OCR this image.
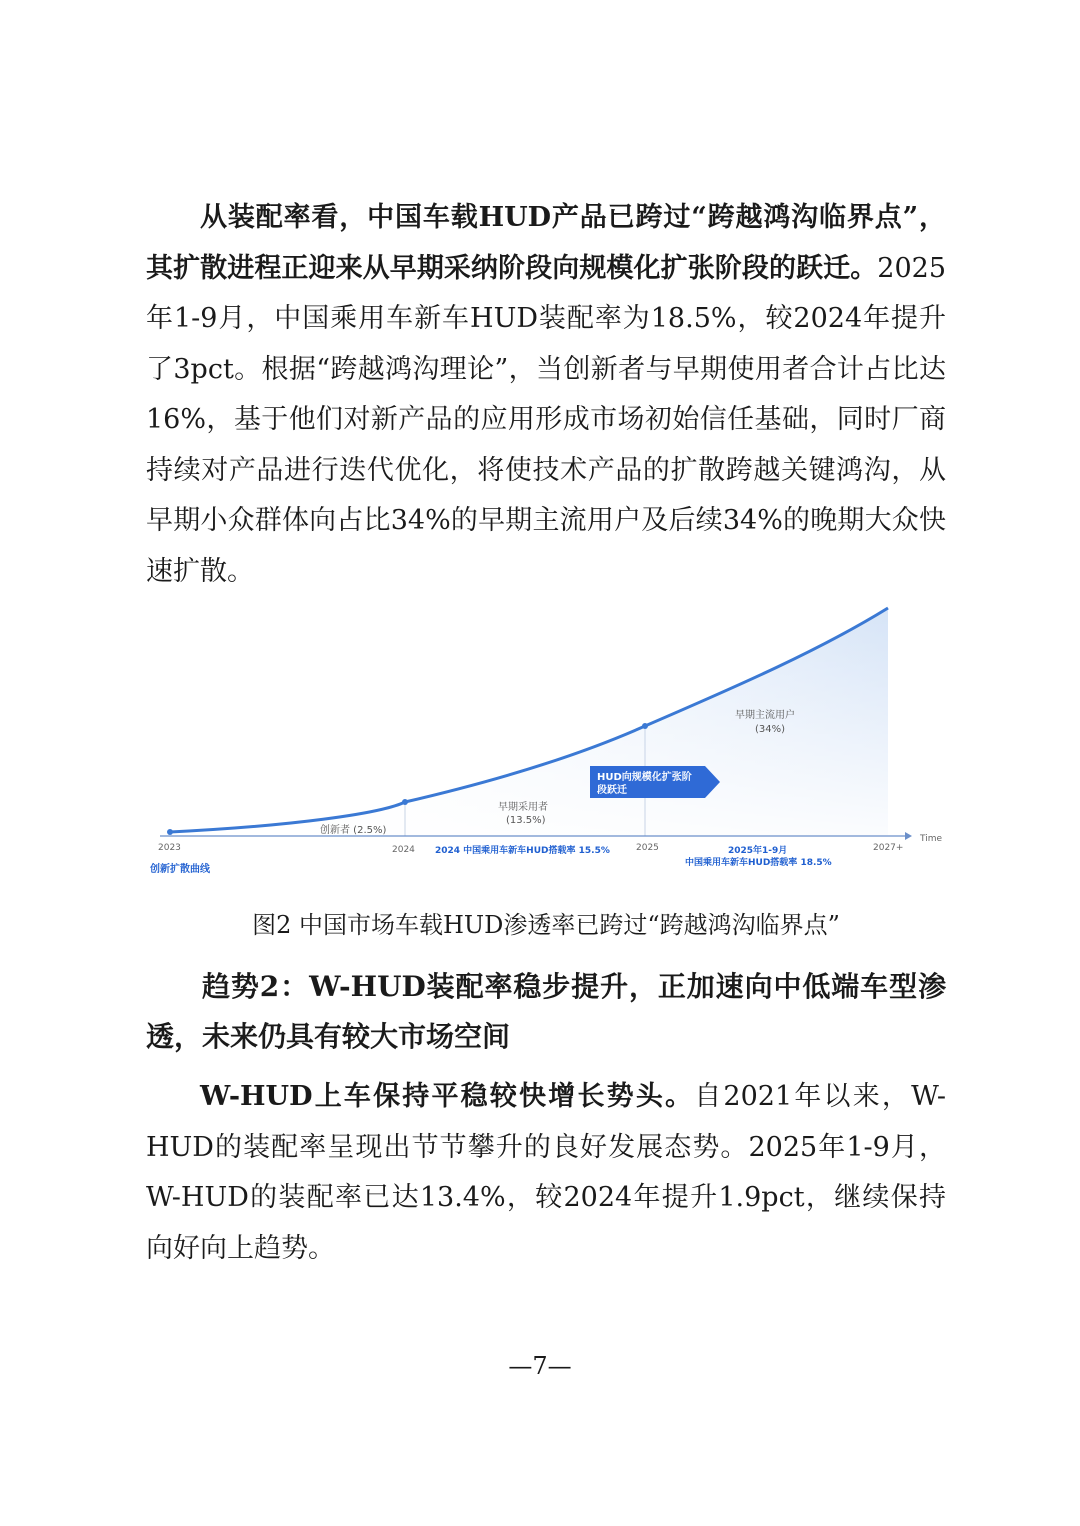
从装配率看，中国车载HUD产品已跨过“跨越鸿沟临界点”，其扩散进程正迎来从早期采纳阶段向规模化扩张阶段的跃迁。2025年1-9月，中国乘用车新车HUD装配率为18.5%，较2024年提升了3pct。根据“跨越鸿沟理论”，当创新者与早期使用者合计占比达16%，基于他们对新产品的应用形成市场初始信任基础，同时厂商持续对产品进行迭代优化，将使技术产品的扩散跨越关键鸿沟，从早期小众群体向占比34%的早期主流用户及后续34%的晚期大众快速扩散。

Time
2023	2024	2025	2027+
创新者 (2.5%)
早期采用者
(13.5%)
早期主流用户
(34%)
HUD向规模化扩张阶
段跃迁
2024 中国乘用车新车HUD搭载率 15.5%	2025年1-9月
中国乘用车新车HUD搭载率 18.5%
创新扩散曲线

图2 中国市场车载HUD渗透率已跨过“跨越鸿沟临界点”

趋势2：W-HUD装配率稳步提升，正加速向中低端车型渗透，未来仍具有较大市场空间

W-HUD上车保持平稳较快增长势头。自2021年以来，W-HUD的装配率呈现出节节攀升的良好发展态势。2025年1-9月，W-HUD的装配率已达13.4%，较2024年提升1.9pct，继续保持向好向上趋势。

—7—
